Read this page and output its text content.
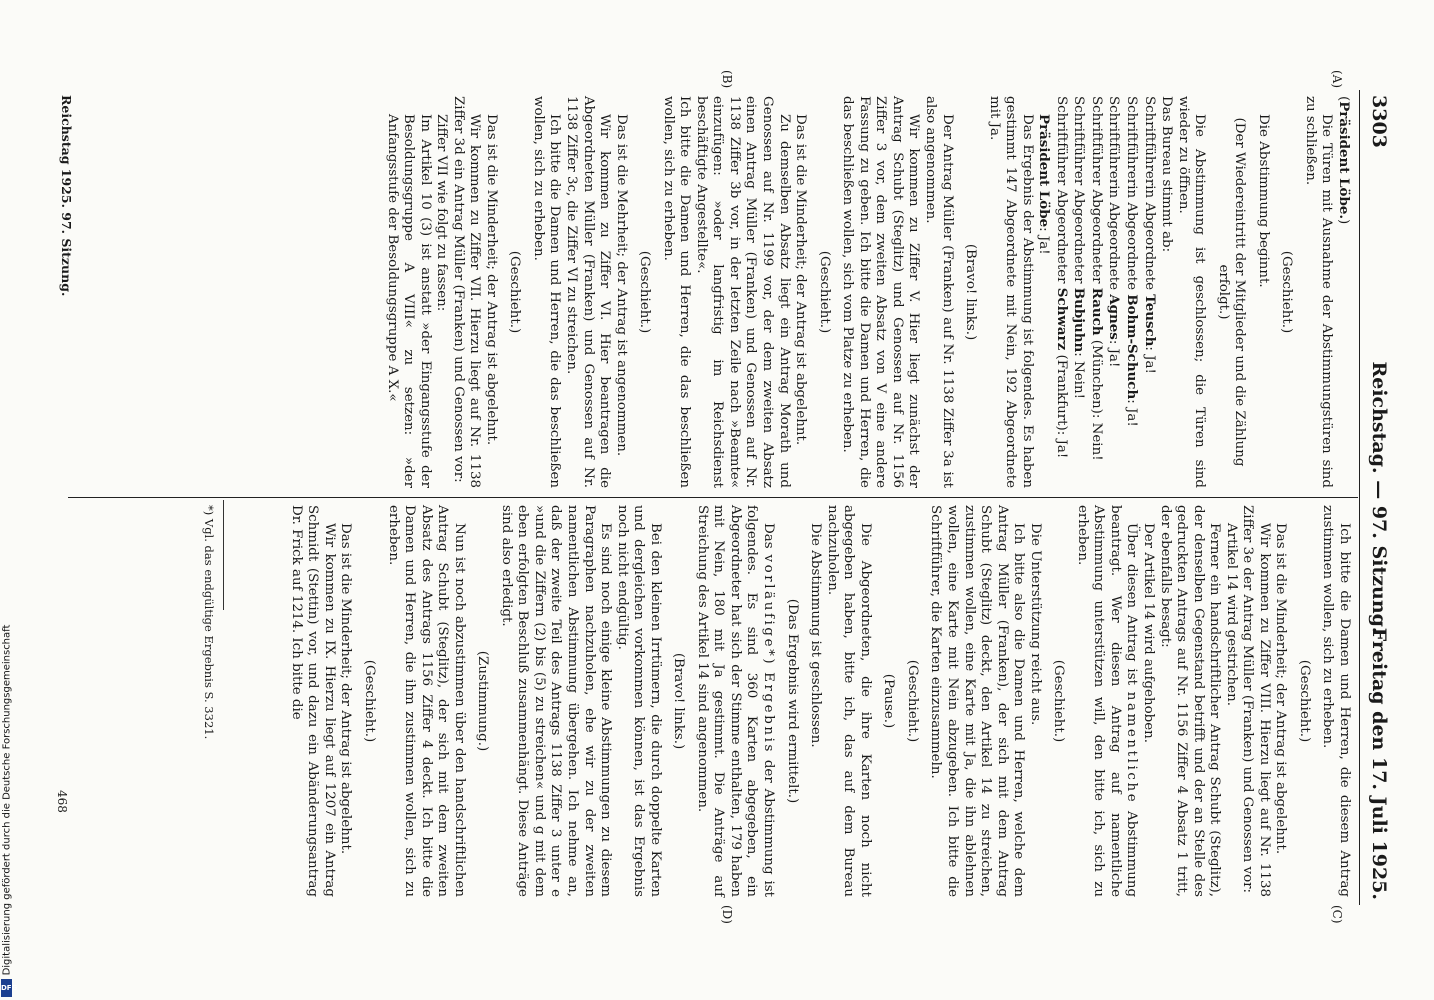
3303
Reichstag. — 97. Sitzung.
Freitag den 17. Juli 1925.
(A)
(B)
(C)
(D)

(Präsident Löbe.)

Die Türen mit Ausnahme der Abstimmungstüren sind zu schließen.

(Geschieht.)

Die Abstimmung beginnt.

(Der Wiedereintritt der Mitglieder und die Zählung erfolgt.)

Die Abstimmung ist geschlossen; die Türen sind wieder zu öffnen.

Das Bureau stimmt ab:

Schriftführerin Abgeordnete Teusch: Ja!

Schriftführerin Abgeordnete Bohm-Schuch: Ja!

Schriftführerin Abgeordnete Agnes: Ja!

Schriftführer Abgeordneter Rauch (München): Nein!

Schriftführer Abgeordneter Bubjuhn: Nein!

Schriftführer Abgeordneter Schwarz (Frankfurt): Ja!

Präsident Löbe: Ja!

Das Ergebnis der Abstimmung ist folgendes. Es haben gestimmt 147 Abgeordnete mit Nein, 192 Abgeordnete mit Ja.

(Bravo! links.)

Der Antrag Müller (Franken) auf Nr. 1138 Ziffer 3a ist also angenommen.

Wir kommen zu Ziffer V. Hier liegt zunächst der Antrag Schubt (Steglitz) und Genossen auf Nr. 1156 Ziffer 3 vor, dem zweiten Absatz von V eine andere Fassung zu geben. Ich bitte die Damen und Herren, die das beschließen wollen, sich vom Platze zu erheben.

(Geschieht.)

Das ist die Minderheit; der Antrag ist abgelehnt.

Zu demselben Absatz liegt ein Antrag Morath und Genossen auf Nr. 1199 vor, der dem zweiten Absatz einen Antrag Müller (Franken) und Genossen auf Nr. 1138 Ziffer 3b vor, in der letzten Zeile nach »Beamte« einzufügen: »oder langfristig im Reichsdienst beschäftigte Angestellte«.

Ich bitte die Damen und Herren, die das beschließen wollen, sich zu erheben.

(Geschieht.)

Das ist die Mehrheit; der Antrag ist angenommen.

Wir kommen zu Ziffer VI. Hier beantragen die Abgeordneten Müller (Franken) und Genossen auf Nr. 1138 Ziffer 3c, die Ziffer VI zu streichen.

Ich bitte die Damen und Herren, die das beschließen wollen, sich zu erheben.

(Geschieht.)

Das ist die Minderheit; der Antrag ist abgelehnt.

Wir kommen zu Ziffer VII. Hierzu liegt auf Nr. 1138 Ziffer 3d ein Antrag Müller (Franken) und Genossen vor:

Ziffer VII wie folgt zu fassen:

Im Artikel 10 (3) ist anstatt »der Eingangsstufe der Besoldungsgruppe A VIII« zu setzen: »der Anfangsstufe der Besoldungsgruppe A X.«

Ich bitte die Damen und Herren, die diesem Antrag zustimmen wollen, sich zu erheben.

(Geschieht.)

Das ist die Minderheit; der Antrag ist abgelehnt.

Wir kommen zu Ziffer VIII. Hierzu liegt auf Nr. 1138 Ziffer 3e der Antrag Müller (Franken) und Genossen vor:

Artikel 14 wird gestrichen.

Ferner ein handschriftlicher Antrag Schubt (Steglitz), der denselben Gegenstand betrifft und der an Stelle des gedruckten Antrags auf Nr. 1156 Ziffer 4 Absatz 1 tritt, der ebenfalls besagt:

Der Artikel 14 wird aufgehoben.

Über diesen Antrag ist namentliche Abstimmung beantragt. Wer diesen Antrag auf namentliche Abstimmung unterstützen will, den bitte ich, sich zu erheben.

(Geschieht.)

Die Unterstützung reicht aus.

Ich bitte also die Damen und Herren, welche dem Antrag Müller (Franken), der sich mit dem Antrag Schubt (Steglitz) deckt, den Artikel 14 zu streichen, zustimmen wollen, eine Karte mit Ja, die ihn ablehnen wollen, eine Karte mit Nein abzugeben. Ich bitte die Schriftführer, die Karten einzusammeln.

(Geschieht.)

(Pause.)

Die Abgeordneten, die ihre Karten noch nicht abgegeben haben, bitte ich, das auf dem Bureau nachzuholen.

Die Abstimmung ist geschlossen.

(Das Ergebnis wird ermittelt.)

Das vorläufige*) Ergebnis der Abstimmung ist folgendes. Es sind 360 Karten abgegeben, ein Abgeordneter hat sich der Stimme enthalten, 179 haben mit Nein, 180 mit Ja gestimmt. Die Anträge auf Streichung des Artikel 14 sind angenommen.

(Bravo! links.)

Bei den kleinen Irrtümern, die durch doppelte Karten und dergleichen vorkommen können, ist das Ergebnis noch nicht endgültig.

Es sind noch einige kleine Abstimmungen zu diesem Paragraphen nachzuholen, ehe wir zu der zweiten namentlichen Abstimmung übergehen. Ich nehme an, daß der zweite Teil des Antrags 1138 Ziffer 3 unter e »und die Ziffern (2) bis (5) zu streichen« und g mit dem eben erfolgten Beschluß zusammenhängt. Diese Anträge sind also erledigt.

(Zustimmung.)

Nun ist noch abzustimmen über den handschriftlichen Antrag Schubt (Steglitz), der sich mit dem zweiten Absatz des Antrags 1156 Ziffer 4 deckt. Ich bitte die Damen und Herren, die ihm zustimmen wollen, sich zu erheben.

(Geschieht.)

Das ist die Minderheit; der Antrag ist abgelehnt.

Wir kommen zu IX. Hierzu liegt auf 1207 ein Antrag Schmidt (Stettin) vor, und dazu ein Abänderungsantrag Dr. Frick auf 1214. Ich bitte die

*) Vgl. das endgültige Ergebnis S. 3321.
Reichstag 1925. 97. Sitzung.
468
Digitalisierung gefördert durch die Deutsche Forschungsgemeinschaft
DFG
